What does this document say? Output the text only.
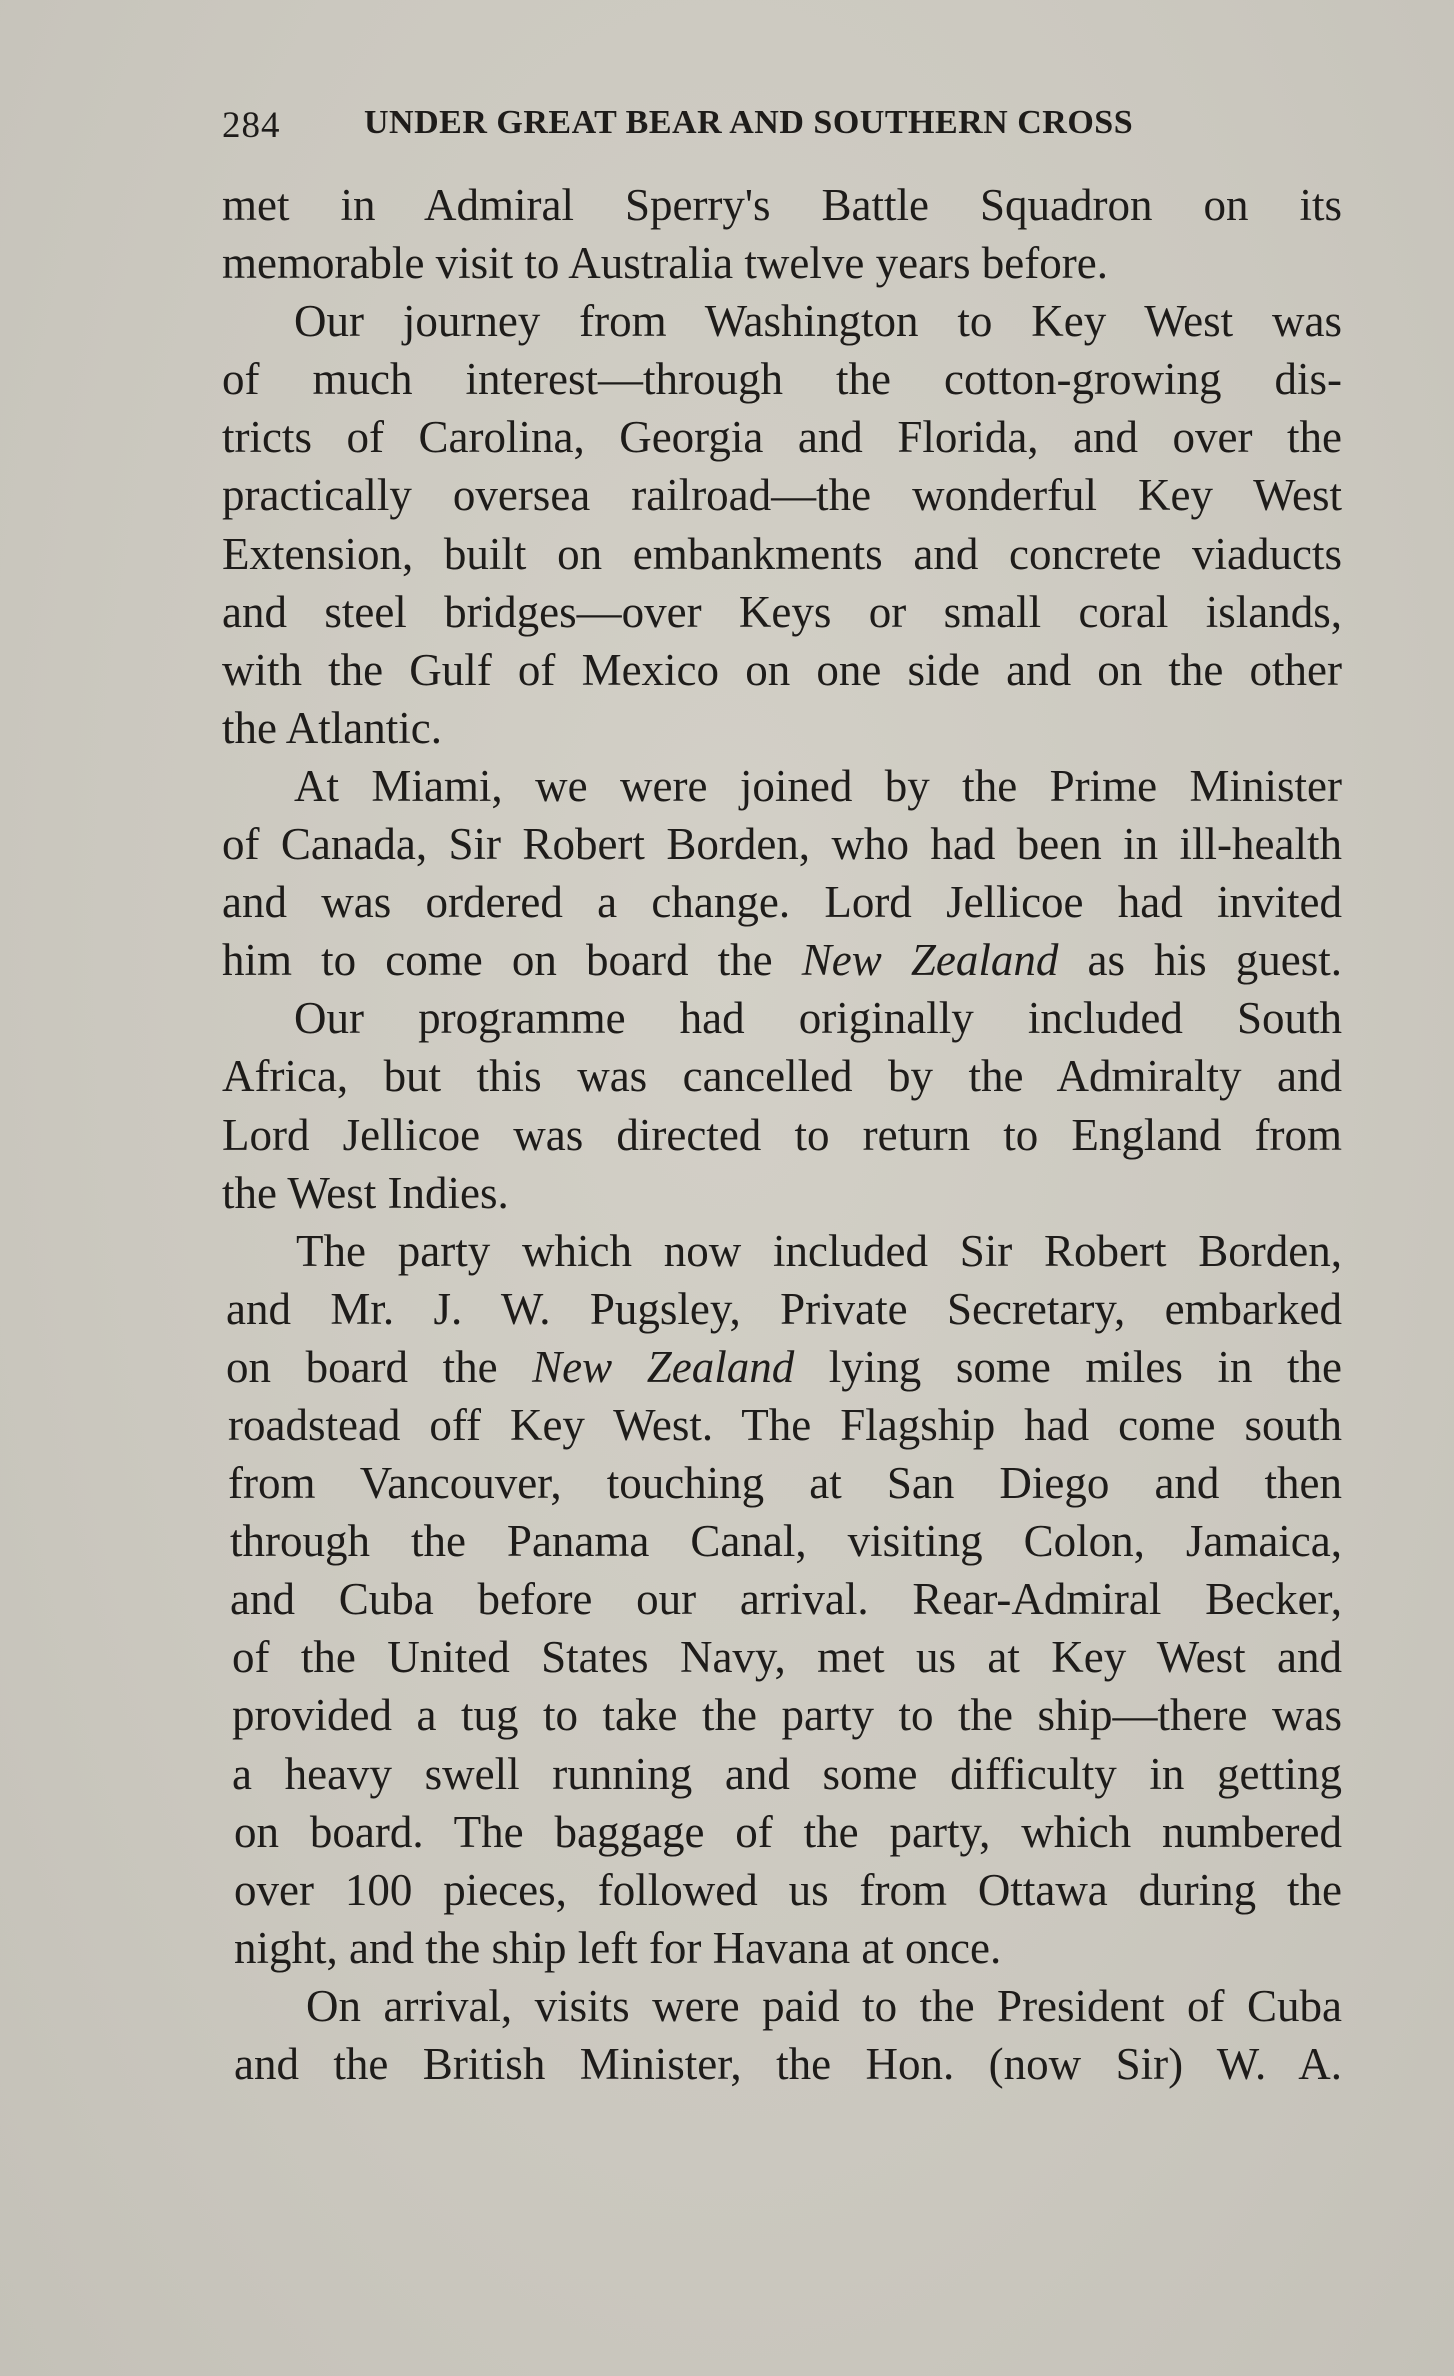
284 UNDER GREAT BEAR AND SOUTHERN CROSS
met in Admiral Sperry's Battle Squadron on its
memorable visit to Australia twelve years before.
Our journey from Washington to Key West was
of much interest—through the cotton-growing dis-
tricts of Carolina, Georgia and Florida, and over the
practically oversea railroad—the wonderful Key West
Extension, built on embankments and concrete viaducts
and steel bridges—over Keys or small coral islands,
with the Gulf of Mexico on one side and on the other
the Atlantic.
At Miami, we were joined by the Prime Minister
of Canada, Sir Robert Borden, who had been in ill-health
and was ordered a change. Lord Jellicoe had invited
him to come on board the New Zealand as his guest.
Our programme had originally included South
Africa, but this was cancelled by the Admiralty and
Lord Jellicoe was directed to return to England from
the West Indies.
The party which now included Sir Robert Borden,
and Mr. J. W. Pugsley, Private Secretary, embarked
on board the New Zealand lying some miles in the
roadstead off Key West. The Flagship had come south
from Vancouver, touching at San Diego and then
through the Panama Canal, visiting Colon, Jamaica,
and Cuba before our arrival. Rear-Admiral Becker,
of the United States Navy, met us at Key West and
provided a tug to take the party to the ship—there was
a heavy swell running and some difficulty in getting
on board. The baggage of the party, which numbered
over 100 pieces, followed us from Ottawa during the
night, and the ship left for Havana at once.
On arrival, visits were paid to the President of Cuba
and the British Minister, the Hon. (now Sir) W. A.
